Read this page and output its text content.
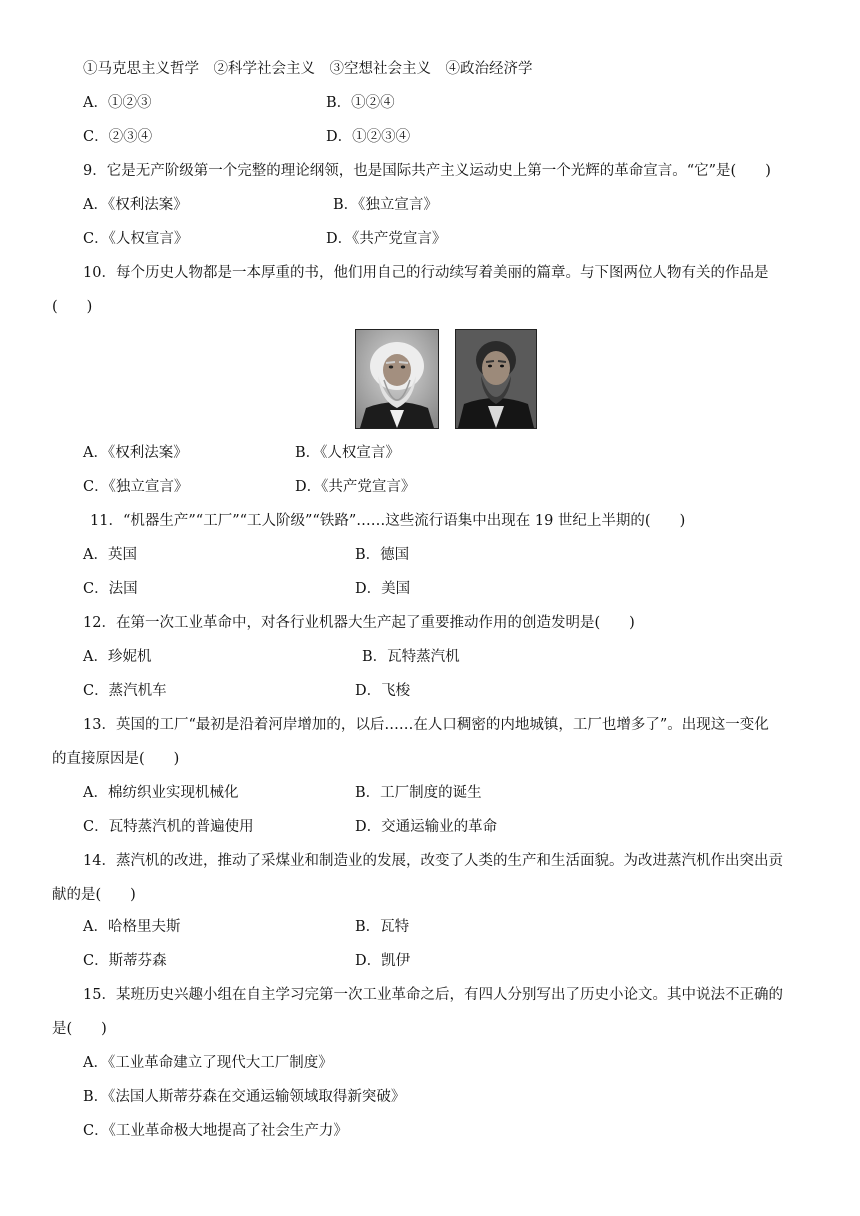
①马克思主义哲学　②科学社会主义　③空想社会主义　④政治经济学
A．①②③	B．①②④
C．②③④	D．①②③④
9．它是无产阶级第一个完整的理论纲领，也是国际共产主义运动史上第一个光辉的革命宣言。“它”是(　　)
A．《权利法案》	B．《独立宣言》
C．《人权宣言》	D．《共产党宣言》
10．每个历史人物都是一本厚重的书，他们用自己的行动续写着美丽的篇章。与下图两位人物有关的作品是
(　　)
A．《权利法案》	B．《人权宣言》
C．《独立宣言》	D．《共产党宣言》
11．“机器生产”“工厂”“工人阶级”“铁路”……这些流行语集中出现在 19 世纪上半期的(　　)
A．英国	B．德国
C．法国	D．美国
12．在第一次工业革命中，对各行业机器大生产起了重要推动作用的创造发明是(　　)
A．珍妮机	B．瓦特蒸汽机
C．蒸汽机车	D．飞梭
13．英国的工厂“最初是沿着河岸增加的，以后……在人口稠密的内地城镇，工厂也增多了”。出现这一变化
的直接原因是(　　)
A．棉纺织业实现机械化	B．工厂制度的诞生
C．瓦特蒸汽机的普遍使用	D．交通运输业的革命
14．蒸汽机的改进，推动了采煤业和制造业的发展，改变了人类的生产和生活面貌。为改进蒸汽机作出突出贡
献的是(　　)
A．哈格里夫斯	B．瓦特
C．斯蒂芬森	D．凯伊
15．某班历史兴趣小组在自主学习完第一次工业革命之后，有四人分别写出了历史小论文。其中说法不正确的
是(　　)
A．《工业革命建立了现代大工厂制度》
B．《法国人斯蒂芬森在交通运输领域取得新突破》
C．《工业革命极大地提高了社会生产力》
